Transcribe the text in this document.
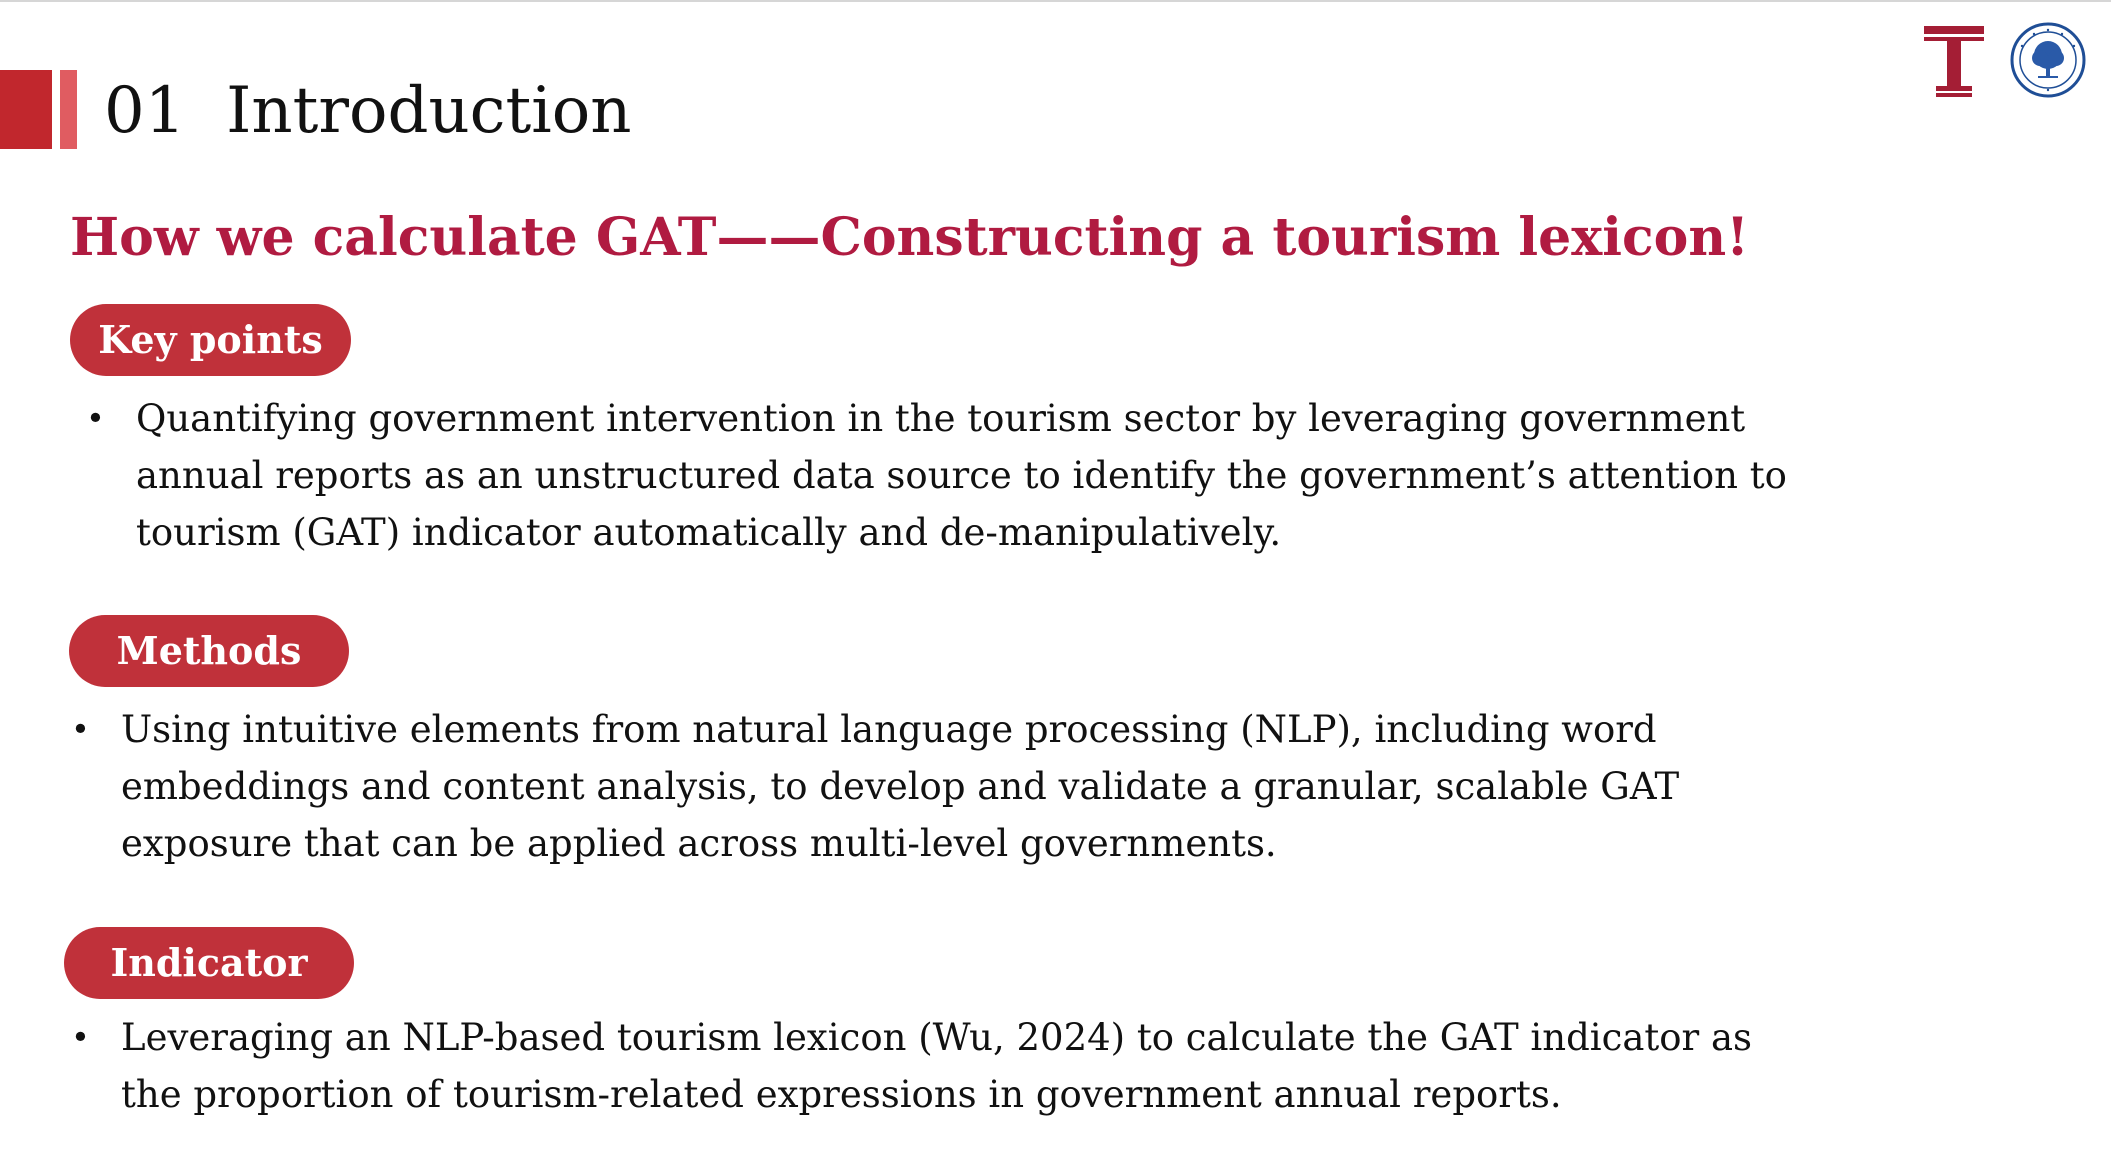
01 Introduction
How we calculate GAT——Constructing a tourism lexicon!
Key points
• Quantifying government intervention in the tourism sector by leveraging government annual reports as an unstructured data source to identify the government’s attention to tourism (GAT) indicator automatically and de-manipulatively.
Methods
• Using intuitive elements from natural language processing (NLP), including word embeddings and content analysis, to develop and validate a granular, scalable GAT exposure that can be applied across multi-level governments.
Indicator
• Leveraging an NLP-based tourism lexicon (Wu, 2024) to calculate the GAT indicator as the proportion of tourism-related expressions in government annual reports.
